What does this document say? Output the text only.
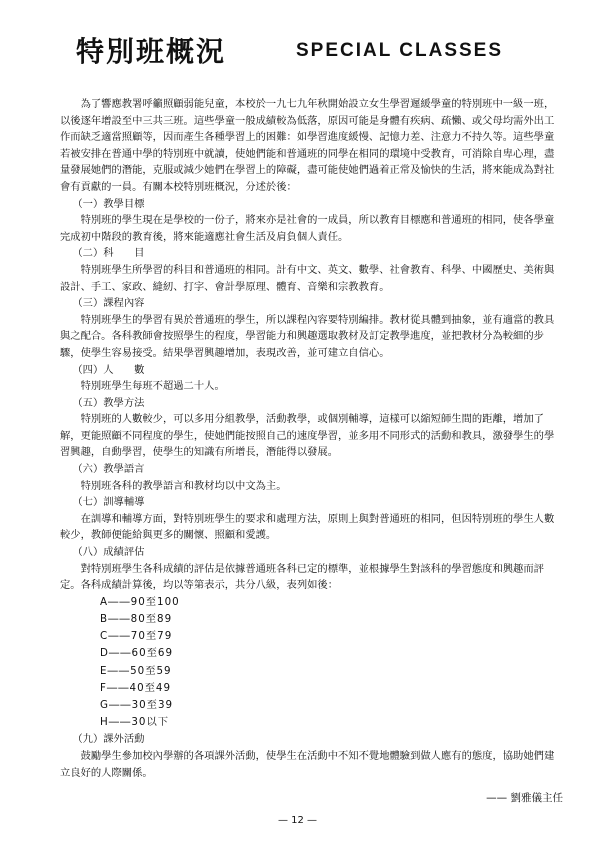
特別班概況	SPECIAL CLASSES

為了響應教署呼籲照顧弱能兒童，本校於一九七九年秋開始設立女生學習遲緩學童的特別班中一級一班，以後逐年增設至中三共三班。這些學童一般成績較為低落，原因可能是身體有疾病、疏懶、或父母均需外出工作而缺乏適當照顧等，因而產生各種學習上的困難：如學習進度緩慢、記憶力差、注意力不持久等。這些學童若被安排在普通中學的特別班中就讀，使她們能和普通班的同學在相同的環境中受教育，可消除自卑心理，盡量發展她們的潛能，克服或減少她們在學習上的障礙，盡可能使她們過着正常及愉快的生活，將來能成為對社會有貢獻的一員。有關本校特別班概況，分述於後：

（一）教學目標

特別班的學生現在是學校的一份子，將來亦是社會的一成員，所以教育目標應和普通班的相同，使各學童完成初中階段的教育後，將來能適應社會生活及肩負個人責任。

（二）科　　目

特別班學生所學習的科目和普通班的相同。計有中文、英文、數學、社會教育、科學、中國歷史、美術與設計、手工、家政、縫紉、打字、會計學原理、體育、音樂和宗教教育。

（三）課程內容

特別班學生的學習有異於普通班的學生，所以課程內容要特別編排。教材從具體到抽象，並有適當的教具與之配合。各科教師會按照學生的程度，學習能力和興趣選取教材及訂定教學進度，並把教材分為較細的步驟，使學生容易接受。結果學習興趣增加，表現改善，並可建立自信心。

（四）人　　數

特別班學生每班不超過二十人。

（五）教學方法

特別班的人數較少，可以多用分組教學，活動教學，或個別輔導，這樣可以縮短師生間的距離，增加了解，更能照顧不同程度的學生，使她們能按照自己的速度學習，並多用不同形式的活動和教具，激發學生的學習興趣，自動學習，使學生的知識有所增長，潛能得以發展。

（六）教學語言

特別班各科的教學語言和教材均以中文為主。

（七）訓導輔導

在訓導和輔導方面，對特別班學生的要求和處理方法，原則上與對普通班的相同，但因特別班的學生人數較少，教師便能給與更多的關懷、照顧和愛護。

（八）成績評估

對特別班學生各科成績的評估是依據普通班各科已定的標準，並根據學生對該科的學習態度和興趣而評定。各科成績計算後，均以等第表示，共分八級，表列如後：

A――90至100

B――80至89

C――70至79

D――60至69

E――50至59

F――40至49

G――30至39

H――30以下

（九）課外活動

鼓勵學生參加校內學辦的各項課外活動，使學生在活動中不知不覺地體驗到做人應有的態度，協助她們建立良好的人際關係。

—— 劉雅儀主任
— 12 —
